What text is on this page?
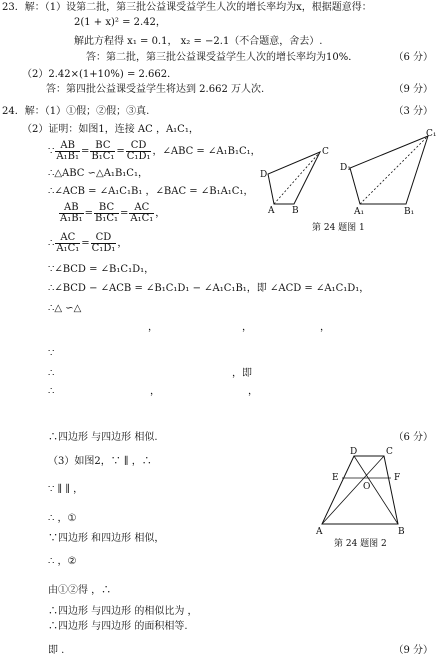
23．解：（1）设第二批，第三批公益课受益学生人次的增长率均为x，根据题意得：
2(1 + x)² = 2.42，
解此方程得 x₁ = 0.1， x₂ = −2.1（不合题意，舍去）.
答：第二批，第三批公益课受益学生人次的增长率均为10%．	（6 分）
（2）2.42×(1+10%) = 2.662．
答：第四批公益课受益学生将达到 2.662 万人次.	（9 分）
24．解：（1）①假；②假；③真.	（3 分）
（2）证明：如图1，连接 AC ，A₁C₁，
∵ $\frac{AB}{\text{A₁B₁}} = \frac{BC}{\text{B₁C₁}} = \frac{CD}{\text{C₁D₁}}$ ，∠ABC = ∠A₁B₁C₁，
∴△ABC ∽△A₁B₁C₁，
∴∠ACB = ∠A₁C₁B₁ ，∠BAC = ∠B₁A₁C₁，
$\frac{AB}{\text{A₁B₁}} = \frac{BC}{\text{B₁C₁}} = \frac{AC}{\text{A₁C₁}}$ ，
∴ $\frac{AC}{\text{A₁C₁}} = \frac{CD}{\text{C₁D₁}}$ ，
∵∠BCD = ∠B₁C₁D₁，
∴∠BCD − ∠ACB = ∠B₁C₁D₁ − ∠A₁C₁B₁，即 ∠ACD = ∠A₁C₁D₁，
∴△ ∽△
，	，	，
∵
∴	，即
∴	，	，
∴四边形 与四边形 相似.	（6 分）
（3）如图2，∵ ∥ ，∴
∵ ∥ ∥ ，
∴ ，①
∵四边形 和四边形 相似，
∴ ，②
由①②得 ，∴
∴四边形 与四边形 的相似比为 ，
∴四边形 与四边形 的面积相等.
即 .	（9 分）
D
C
A B
C₁
D₁
A₁	B₁
第 24 题图 1
D	C
E	F
O
A	B
第 24 题图 2
